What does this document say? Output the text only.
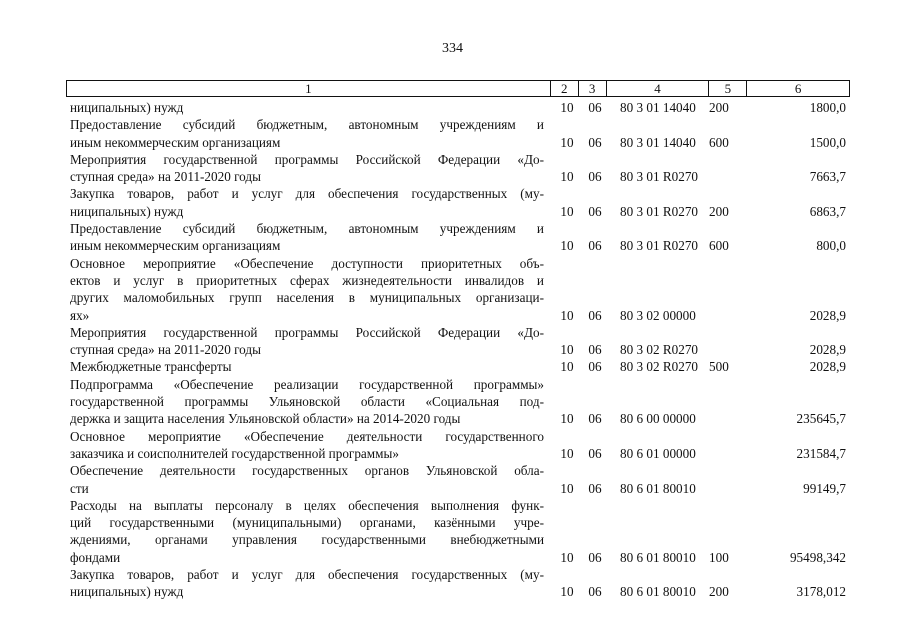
334
1	2	3	4	5	6
ниципальных) нужд	10	06	80 3 01 14040 200	1800,0
Предоставление субсидий бюджетным, автономным учреждениям и
иным некоммерческим организациям	10	06	80 3 01 14040 600	1500,0
Мероприятия государственной программы Российской Федерации «До-
ступная среда» на 2011-2020 годы	10	06	80 3 01 R0270	7663,7
Закупка товаров, работ и услуг для обеспечения государственных (му-
ниципальных) нужд	10	06	80 3 01 R0270 200	6863,7
Предоставление субсидий бюджетным, автономным учреждениям и
иным некоммерческим организациям	10	06	80 3 01 R0270 600	800,0
Основное мероприятие «Обеспечение доступности приоритетных объ-
ектов и услуг в приоритетных сферах жизнедеятельности инвалидов и
других маломобильных групп населения в муниципальных организаци-
ях»	10	06	80 3 02 00000	2028,9
Мероприятия государственной программы Российской Федерации «До-
ступная среда» на 2011-2020 годы	10	06	80 3 02 R0270	2028,9
Межбюджетные трансферты	10	06	80 3 02 R0270 500	2028,9
Подпрограмма «Обеспечение реализации государственной программы»
государственной программы Ульяновской области «Социальная под-
держка и защита населения Ульяновской области» на 2014-2020 годы	10	06	80 6 00 00000	235645,7
Основное мероприятие «Обеспечение деятельности государственного
заказчика и соисполнителей государственной программы»	10	06	80 6 01 00000	231584,7
Обеспечение деятельности государственных органов Ульяновской обла-
сти	10	06	80 6 01 80010	99149,7
Расходы на выплаты персоналу в целях обеспечения выполнения функ-
ций государственными (муниципальными) органами, казёнными учре-
ждениями, органами управления государственными внебюджетными
фондами	10	06	80 6 01 80010 100	95498,342
Закупка товаров, работ и услуг для обеспечения государственных (му-
ниципальных) нужд	10	06	80 6 01 80010 200	3178,012
